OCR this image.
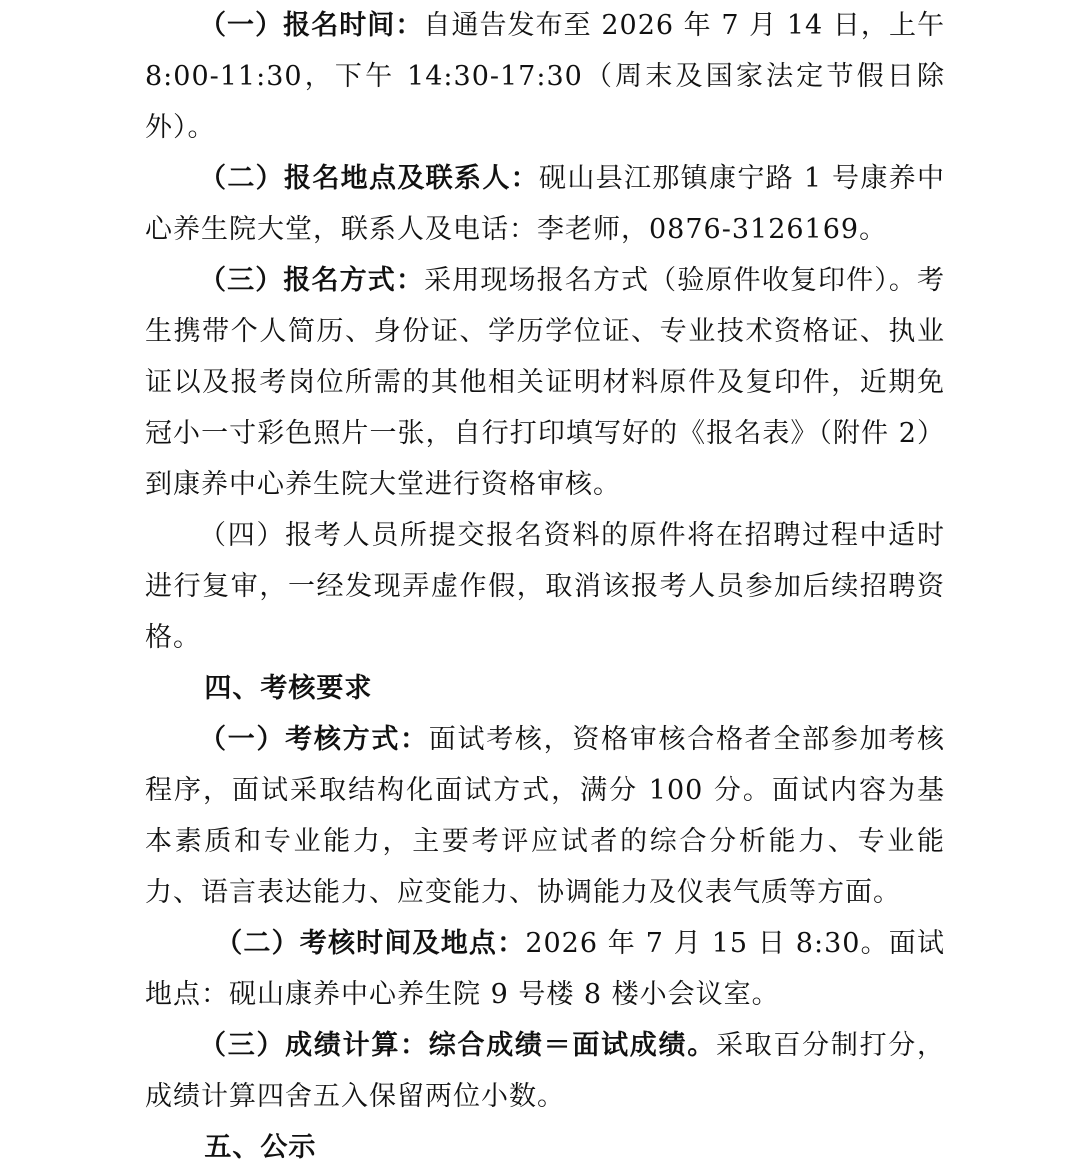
（一）报名时间：自通告发布至 2026 年 7 月 14 日，上午 8:00-11:30，下午 14:30-17:30（周末及国家法定节假日除外）。

（二）报名地点及联系人：砚山县江那镇康宁路 1 号康养中心养生院大堂，联系人及电话：李老师，0876-3126169。

（三）报名方式：采用现场报名方式（验原件收复印件）。考生携带个人简历、身份证、学历学位证、专业技术资格证、执业证以及报考岗位所需的其他相关证明材料原件及复印件，近期免冠小一寸彩色照片一张，自行打印填写好的《报名表》（附件 2）到康养中心养生院大堂进行资格审核。

（四）报考人员所提交报名资料的原件将在招聘过程中适时进行复审，一经发现弄虚作假，取消该报考人员参加后续招聘资格。

四、考核要求

（一）考核方式：面试考核，资格审核合格者全部参加考核程序，面试采取结构化面试方式，满分 100 分。面试内容为基本素质和专业能力，主要考评应试者的综合分析能力、专业能力、语言表达能力、应变能力、协调能力及仪表气质等方面。

（二）考核时间及地点：2026 年 7 月 15 日 8:30。面试地点：砚山康养中心养生院 9 号楼 8 楼小会议室。

（三）成绩计算：综合成绩＝面试成绩。采取百分制打分，成绩计算四舍五入保留两位小数。

五、公示
